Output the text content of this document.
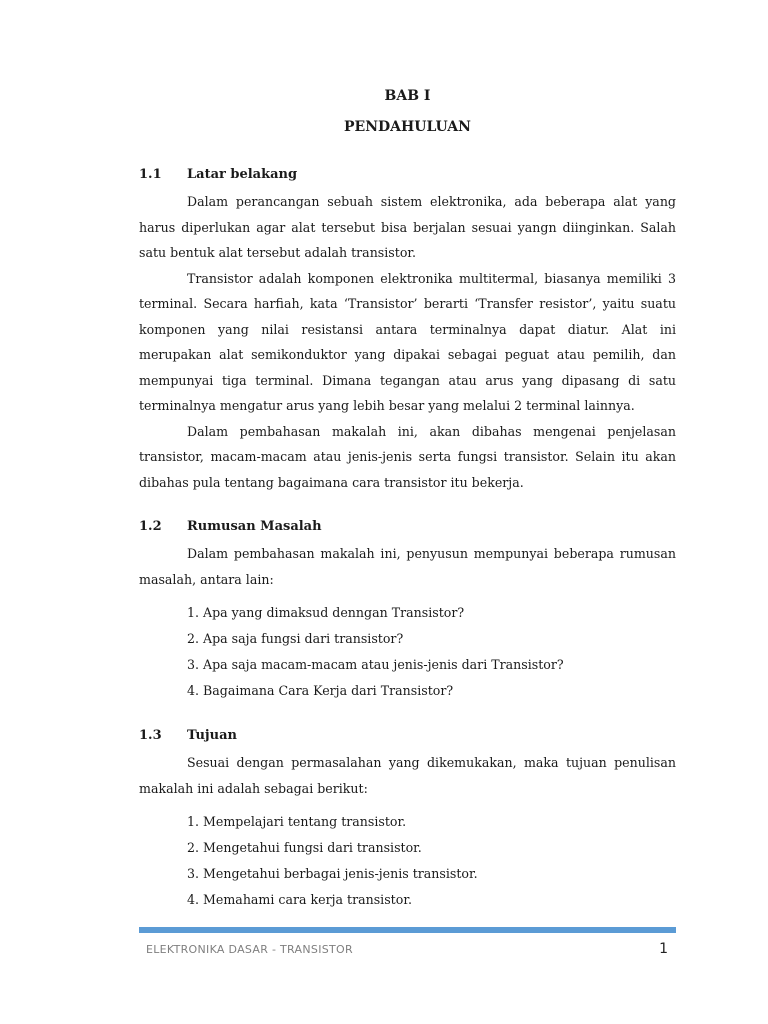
BAB I
PENDAHULUAN
1.1	Latar belakang

Dalam perancangan sebuah sistem elektronika, ada beberapa alat yang harus diperlukan agar alat tersebut bisa berjalan sesuai yangn diinginkan. Salah satu bentuk alat tersebut adalah transistor.

Transistor adalah komponen elektronika multitermal, biasanya memiliki 3 terminal. Secara harfiah, kata ‘Transistor’ berarti ‘Transfer resistor’, yaitu suatu komponen yang nilai resistansi antara terminalnya dapat diatur. Alat ini merupakan alat semikonduktor yang dipakai sebagai peguat atau pemilih, dan mempunyai tiga terminal. Dimana tegangan atau arus yang dipasang di satu terminalnya mengatur arus yang lebih besar yang melalui 2 terminal lainnya.

Dalam pembahasan makalah ini, akan dibahas mengenai penjelasan transistor, macam-macam atau jenis-jenis serta fungsi transistor. Selain itu akan dibahas pula tentang bagaimana cara transistor itu bekerja.

1.2	Rumusan Masalah

Dalam pembahasan makalah ini, penyusun mempunyai beberapa rumusan masalah, antara lain:

1. Apa yang dimaksud denngan Transistor?
2. Apa saja fungsi dari transistor?
3. Apa saja macam-macam atau jenis-jenis dari Transistor?
4. Bagaimana Cara Kerja dari Transistor?
1.3	Tujuan

Sesuai dengan permasalahan yang dikemukakan, maka tujuan penulisan makalah ini adalah sebagai berikut:

1. Mempelajari tentang transistor.
2. Mengetahui fungsi dari transistor.
3. Mengetahui berbagai jenis-jenis transistor.
4. Memahami cara kerja transistor.
ELEKTRONIKA DASAR - TRANSISTOR	1
